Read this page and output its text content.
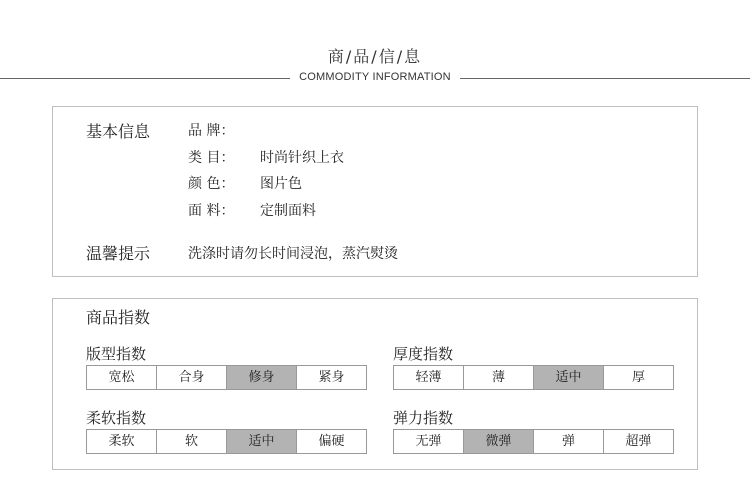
商/品/信/息
COMMODITY INFORMATION
基本信息	品 牌：
类 目： 时尚针织上衣
颜 色： 图片色
面 料： 定制面料
温馨提示	洗涤时请勿长时间浸泡，蒸汽熨烫
商品指数
版型指数
宽松	合身	修身	紧身
厚度指数
轻薄	薄	适中	厚
柔软指数
柔软	软	适中	偏硬
弹力指数
无弹	微弹	弹	超弹
